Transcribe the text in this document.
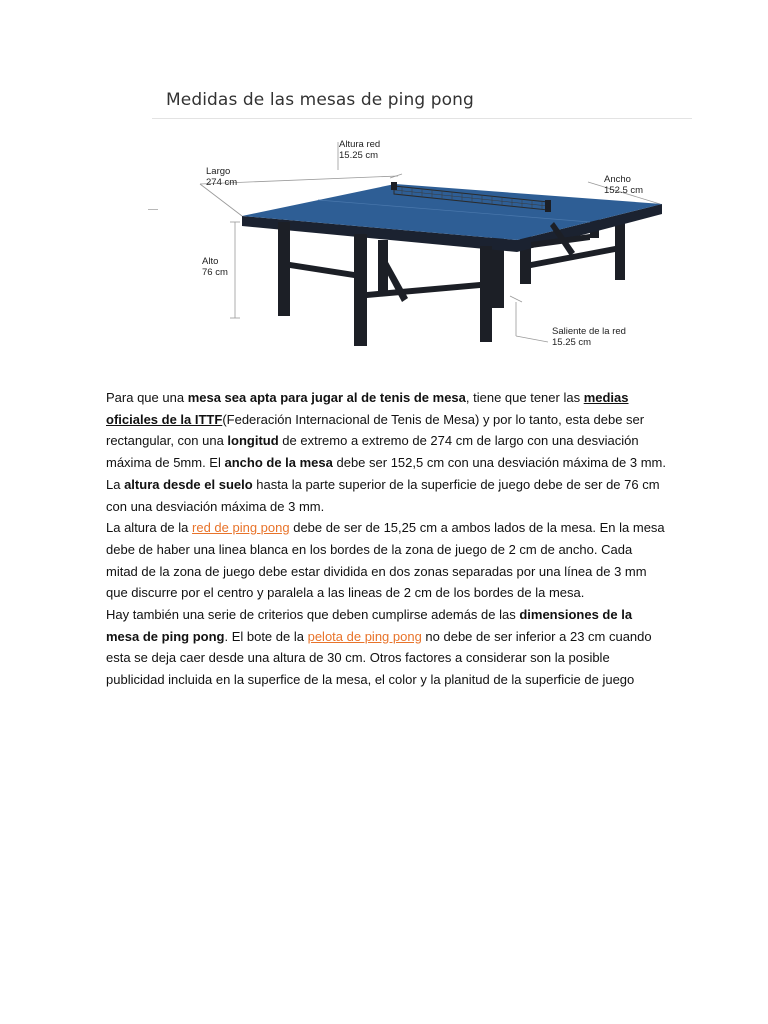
Medidas de las mesas de ping pong
Altura red
15.25 cm
Largo
274 cm	Ancho
152.5 cm
Alto
76 cm
Saliente de la red
15.25 cm

Para que una mesa sea apta para jugar al de tenis de mesa, tiene que tener las medias oficiales de la ITTF(Federación Internacional de Tenis de Mesa) y por lo tanto, esta debe ser rectangular, con una longitud de extremo a extremo de 274 cm de largo con una desviación máxima de 5mm. El ancho de la mesa debe ser 152,5 cm con una desviación máxima de 3 mm. La altura desde el suelo hasta la parte superior de la superficie de juego debe de ser de 76 cm con una desviación máxima de 3 mm.

La altura de la red de ping pong debe de ser de 15,25 cm a ambos lados de la mesa. En la mesa debe de haber una linea blanca en los bordes de la zona de juego de 2 cm de ancho. Cada mitad de la zona de juego debe estar dividida en dos zonas separadas por una línea de 3 mm que discurre por el centro y paralela a las lineas de 2 cm de los bordes de la mesa.

Hay también una serie de criterios que deben cumplirse además de las dimensiones de la mesa de ping pong. El bote de la pelota de ping pong no debe de ser inferior a 23 cm cuando esta se deja caer desde una altura de 30 cm. Otros factores a considerar son la posible publicidad incluida en la superfice de la mesa, el color y la planitud de la superficie de juego
